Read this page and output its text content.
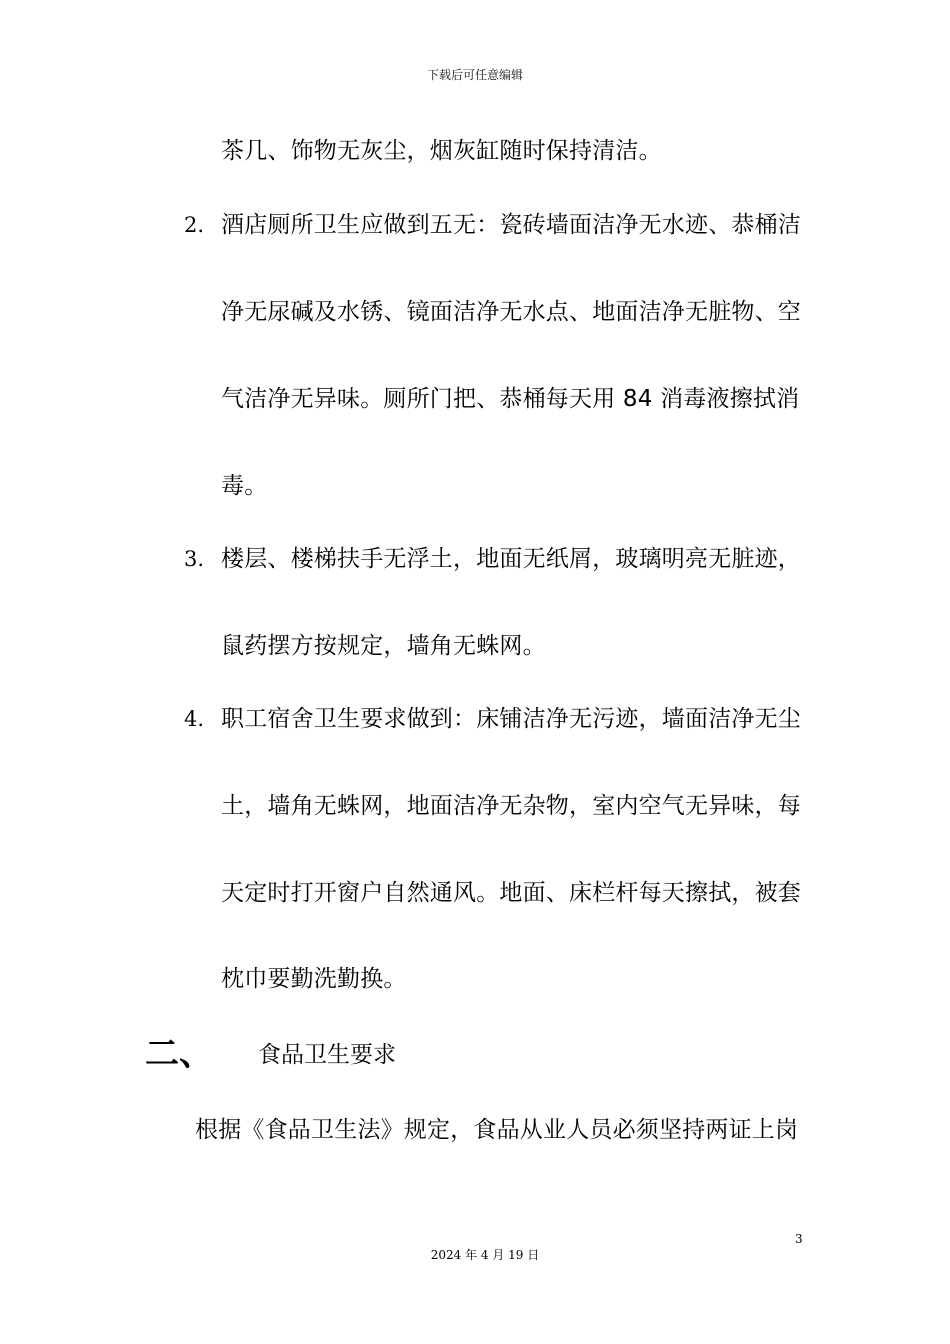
下载后可任意编辑
茶几、饰物无灰尘，烟灰缸随时保持清洁。
2. 酒店厕所卫生应做到五无：瓷砖墙面洁净无水迹、恭桶洁
净无尿碱及水锈、镜面洁净无水点、地面洁净无脏物、空
气洁净无异味。厕所门把、恭桶每天用 84 消毒液擦拭消
毒。
3. 楼层、楼梯扶手无浮土，地面无纸屑，玻璃明亮无脏迹，
鼠药摆方按规定，墙角无蛛网。
4. 职工宿舍卫生要求做到：床铺洁净无污迹，墙面洁净无尘
土，墙角无蛛网，地面洁净无杂物，室内空气无异味，每
天定时打开窗户自然通风。地面、床栏杆每天擦拭，被套
枕巾要勤洗勤换。
二、 食品卫生要求
根据《食品卫生法》规定，食品从业人员必须坚持两证上岗
3
2024 年 4 月 19 日
